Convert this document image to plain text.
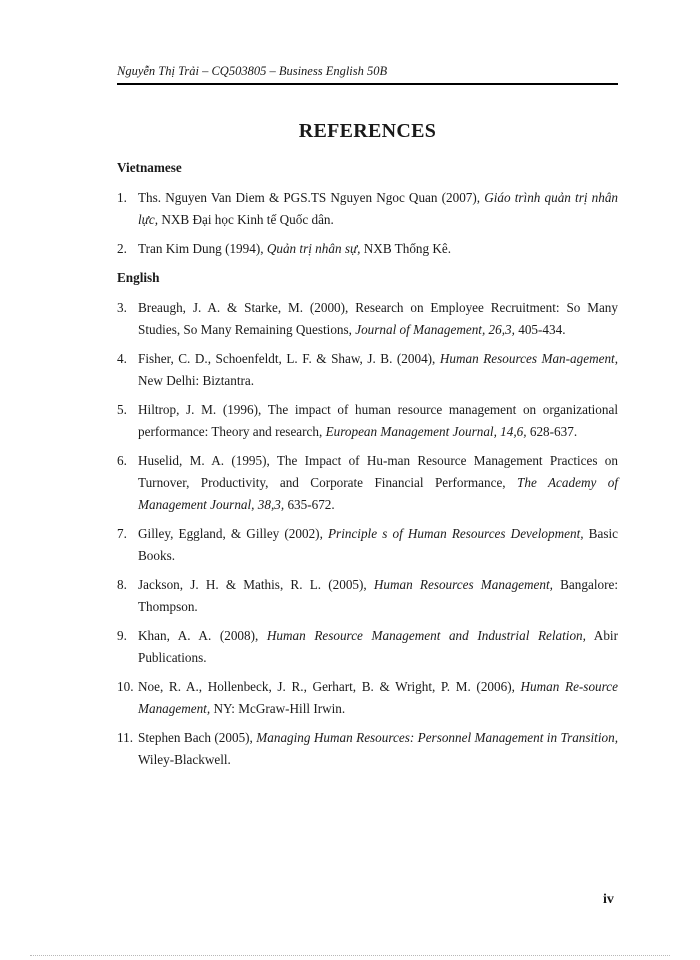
Nguyễn Thị Trải – CQ503805 – Business English 50B
REFERENCES
Vietnamese
1. Ths. Nguyen Van Diem & PGS.TS Nguyen Ngoc Quan (2007), Giáo trình quản trị nhân lực, NXB Đại học Kinh tế Quốc dân.
2. Tran Kim Dung (1994), Quản trị nhân sự, NXB Thống Kê.
English
3. Breaugh, J. A. & Starke, M. (2000), Research on Employee Recruitment: So Many Studies, So Many Remaining Questions, Journal of Management, 26,3, 405-434.
4. Fisher, C. D., Schoenfeldt, L. F. & Shaw, J. B. (2004), Human Resources Man-agement, New Delhi: Biztantra.
5. Hiltrop, J. M. (1996), The impact of human resource management on organizational performance: Theory and research, European Management Journal, 14,6, 628-637.
6. Huselid, M. A. (1995), The Impact of Hu-man Resource Management Practices on Turnover, Productivity, and Corporate Financial Performance, The Academy of Management Journal, 38,3, 635-672.
7. Gilley, Eggland, & Gilley (2002), Principle s of Human Resources Development, Basic Books.
8. Jackson, J. H. & Mathis, R. L. (2005), Human Resources Management, Bangalore: Thompson.
9. Khan, A. A. (2008), Human Resource Management and Industrial Relation, Abir Publications.
10. Noe, R. A., Hollenbeck, J. R., Gerhart, B. & Wright, P. M. (2006), Human Re-source Management, NY: McGraw-Hill Irwin.
11. Stephen Bach (2005), Managing Human Resources: Personnel Management in Transition, Wiley-Blackwell.
iv
